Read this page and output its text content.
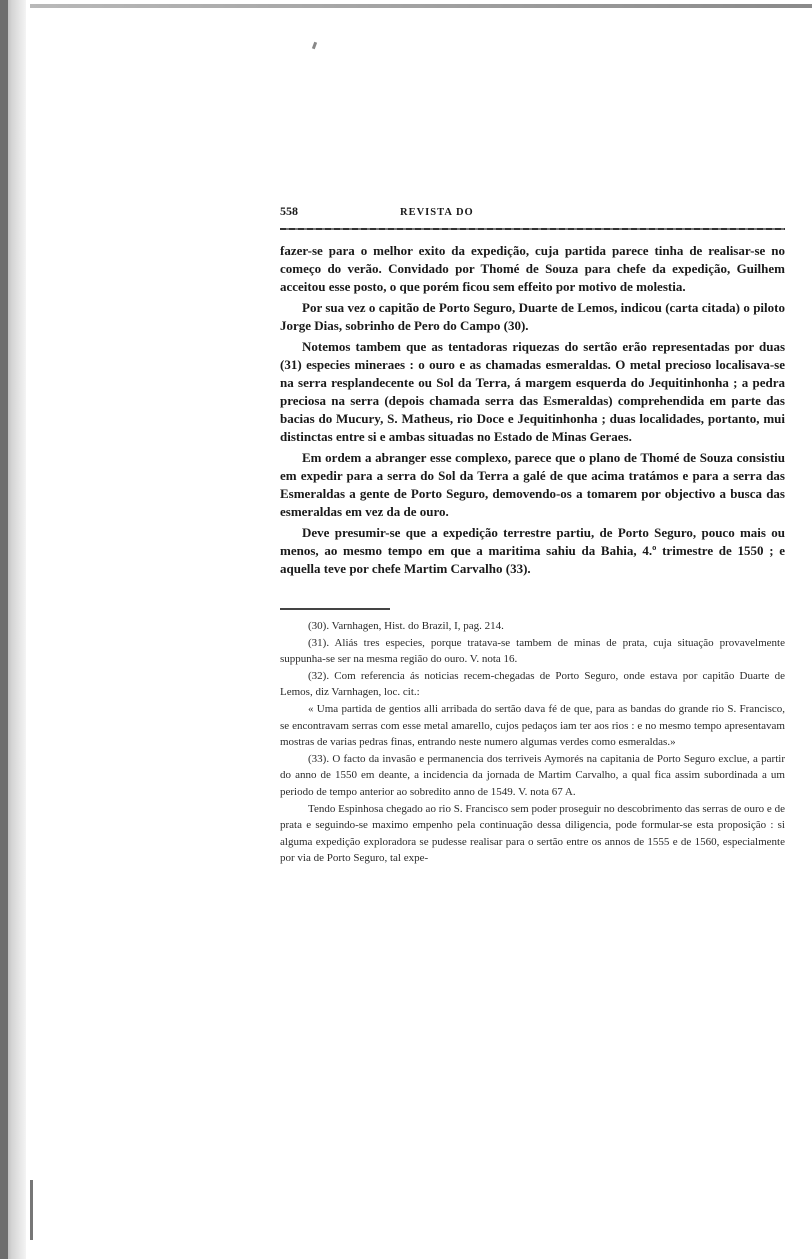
558	REVISTA DO

fazer-se para o melhor exito da expedição, cuja partida parece tinha de realisar-se no começo do verão. Convidado por Thomé de Souza para chefe da expedição, Guilhem acceitou esse posto, o que porém ficou sem effeito por motivo de molestia.

Por sua vez o capitão de Porto Seguro, Duarte de Lemos, indicou (carta citada) o piloto Jorge Dias, sobrinho de Pero do Campo (30).

Notemos tambem que as tentadoras riquezas do sertão erão representadas por duas (31) especies mineraes : o ouro e as chamadas esmeraldas. O metal precioso localisava-se na serra resplandecente ou Sol da Terra, á margem esquerda do Jequitinhonha ; a pedra preciosa na serra (depois chamada serra das Esmeraldas) comprehendida em parte das bacias do Mucury, S. Matheus, rio Doce e Jequitinhonha ; duas localidades, portanto, mui distinctas entre si e ambas situadas no Estado de Minas Geraes.

Em ordem a abranger esse complexo, parece que o plano de Thomé de Souza consistiu em expedir para a serra do Sol da Terra a galé de que acima tratámos e para a serra das Esmeraldas a gente de Porto Seguro, demovendo-os a tomarem por objectivo a busca das esmeraldas em vez da de ouro.

Deve presumir-se que a expedição terrestre partiu, de Porto Seguro, pouco mais ou menos, ao mesmo tempo em que a maritima sahiu da Bahia, 4.º trimestre de 1550 ; e aquella teve por chefe Martim Carvalho (33).

(30). Varnhagen, Hist. do Brazil, I, pag. 214.

(31). Aliás tres especies, porque tratava-se tambem de minas de prata, cuja situação provavelmente suppunha-se ser na mesma região do ouro. V. nota 16.

(32). Com referencia ás noticias recem-chegadas de Porto Seguro, onde estava por capitão Duarte de Lemos, diz Varnhagen, loc. cit.:

« Uma partida de gentios alli arribada do sertão dava fé de que, para as bandas do grande rio S. Francisco, se encontravam serras com esse metal amarello, cujos pedaços iam ter aos rios : e no mesmo tempo apresentavam mostras de varias pedras finas, entrando neste numero algumas verdes como esmeraldas.»

(33). O facto da invasão e permanencia dos terriveis Aymorés na capitania de Porto Seguro exclue, a partir do anno de 1550 em deante, a incidencia da jornada de Martim Carvalho, a qual fica assim subordinada a um periodo de tempo anterior ao sobredito anno de 1549. V. nota 67 A.

Tendo Espinhosa chegado ao rio S. Francisco sem poder proseguir no descobrimento das serras de ouro e de prata e seguindo-se maximo empenho pela continuação dessa diligencia, pode formular-se esta proposição : si alguma expedição exploradora se pudesse realisar para o sertão entre os annos de 1555 e de 1560, especialmente por via de Porto Seguro, tal expe-
